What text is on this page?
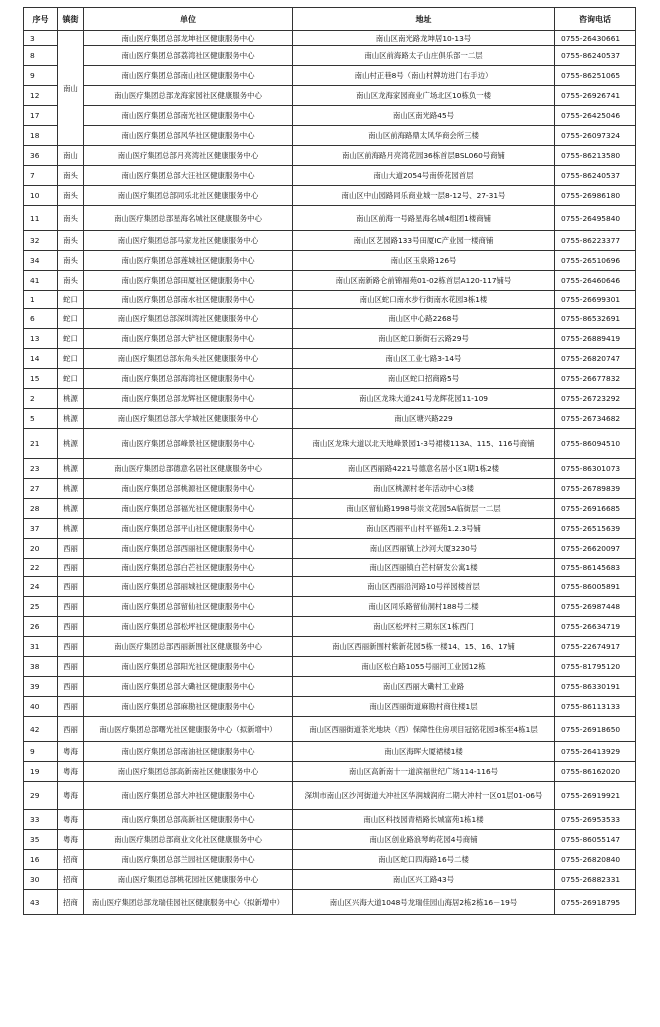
序号	镇街	单位	地址	咨询电话
3	南山	南山医疗集团总部龙坤社区健康服务中心	南山区南光路龙坤居10-13号	0755-26430661
8		南山医疗集团总部荔湾社区健康服务中心	南山区前海路太子山庄俱乐部一二层	0755-86240537
9		南山医疗集团总部南山社区健康服务中心	南山村正巷8号（南山村牌坊进门右手边）	0755-86251065
12		南山医疗集团总部龙海家园社区健康服务中心	南山区龙海家园商业广场北区10栋负一楼	0755-26926741
17		南山医疗集团总部南光社区健康服务中心	南山区南光路45号	0755-26425046
18		南山医疗集团总部风华社区健康服务中心	南山区前海路鼎太风华商会所三楼	0755-26097324
36	南山	南山医疗集团总部月亮湾社区健康服务中心	南山区前海路月亮湾花园36栋首层BSL060号商铺	0755-86213580
7	南头	南山医疗集团总部大汪社区健康服务中心	南山大道2054号南侨花园首层	0755-86240537
10	南头	南山医疗集团总部同乐北社区健康服务中心	南山区中山园路同乐商业城一层8-12号、27-31号	0755-26986180
11	南头	南山医疗集团总部星海名城社区健康服务中心	南山区前海一号路星海名城4组团1楼商铺	0755-26495840
32	南头	南山医疗集团总部马家龙社区健康服务中心	南山区艺园路133号田厦IC产业园一楼商铺	0755-86223377
34	南头	南山医疗集团总部莲城社区健康服务中心	南山区玉泉路126号	0755-26510696
41	南头	南山医疗集团总部田厦社区健康服务中心	南山区南新路仑前锦福苑01-02栋首层A120-117铺号	0755-26460646
1	蛇口	南山医疗集团总部南水社区健康服务中心	南山区蛇口南水步行街南水花园3栋1楼	0755-26699301
6	蛇口	南山医疗集团总部深圳湾社区健康服务中心	南山区中心路2268号	0755-86532691
13	蛇口	南山医疗集团总部大铲社区健康服务中心	南山区蛇口新街石云路29号	0755-26889419
14	蛇口	南山医疗集团总部东角头社区健康服务中心	南山区工业七路3-14号	0755-26820747
15	蛇口	南山医疗集团总部海湾社区健康服务中心	南山区蛇口招商路5号	0755-26677832
2	桃源	南山医疗集团总部龙辉社区健康服务中心	南山区龙珠大道241号龙辉花园11-109	0755-26723292
5	桃源	南山医疗集团总部大学城社区健康服务中心	南山区塘兴路229	0755-26734682
21	桃源	南山医疗集团总部峰景社区健康服务中心	南山区龙珠大道以北天地峰景园1-3号裙楼113A、115、116号商铺	0755-86094510
23	桃源	南山医疗集团总部德意名居社区健康服务中心	南山区西丽路4221号德意名居小区1期1栋2楼	0755-86301073
27	桃源	南山医疗集团总部桃源社区健康服务中心	南山区桃源村老年活动中心3楼	0755-26789839
28	桃源	南山医疗集团总部福光社区健康服务中心	南山区留仙路1998号崇文花园5A临街层一二层	0755-26916685
37	桃源	南山医疗集团总部平山社区健康服务中心	南山区西丽平山村平福苑1.2.3号铺	0755-26515639
20	西丽	南山医疗集团总部西丽社区健康服务中心	南山区西丽镇上沙河大厦3230号	0755-26620097
22	西丽	南山医疗集团总部白芒社区健康服务中心	南山区西丽镇白芒村研发公寓1楼	0755-86145683
24	西丽	南山医疗集团总部丽城社区健康服务中心	南山区西丽沿河路10号祥园楼首层	0755-86005891
25	西丽	南山医疗集团总部留仙社区健康服务中心	南山区同乐路留仙洞村188号二楼	0755-26987448
26	西丽	南山医疗集团总部松坪社区健康服务中心	南山区松坪村三期东区1栋西门	0755-26634719
31	西丽	南山医疗集团总部西丽新围社区健康服务中心	南山区西丽新围村紫新花园5栋一楼14、15、16、17铺	0755-22674917
38	西丽	南山医疗集团总部阳光社区健康服务中心	南山区松白路1055号丽河工业园12栋	0755-81795120
39	西丽	南山医疗集团总部大磡社区健康服务中心	南山区西丽大磡村工业路	0755-86330191
40	西丽	南山医疗集团总部麻勘社区健康服务中心	南山区西丽街道麻勘村商住楼1层	0755-86113133
42	西丽	南山医疗集团总部曙光社区健康服务中心（拟新增中）	南山区西丽街道茶光地块（西）保障性住房项目冠铭花园3栋至4栋1层	0755-26918650
9	粤海	南山医疗集团总部南油社区健康服务中心	南山区海晖大厦裙楼1楼	0755-26413929
19	粤海	南山医疗集团总部高新南社区健康服务中心	南山区高新南十一道滨福世纪广场114-116号	0755-86162020
29	粤海	南山医疗集团总部大冲社区健康服务中心	深圳市南山区沙河街道大冲社区华润城润府二期大冲村一区01层01-06号	0755-26919921
33	粤海	南山医疗集团总部高新社区健康服务中心	南山区科技园青梧路长城富苑1栋1楼	0755-26953533
35	粤海	南山医疗集团总部商业文化社区健康服务中心	南山区创业路浪琴屿花园4号商铺	0755-86055147
16	招商	南山医疗集团总部兰园社区健康服务中心	南山区蛇口四海路16号二楼	0755-26820840
30	招商	南山医疗集团总部桃花园社区健康服务中心	南山区兴工路43号	0755-26882331
43	招商	南山医疗集团总部龙瑞佳园社区健康服务中心（拟新增中）	南山区兴海大道1048号龙瑞佳园山海居2栋2栋16－19号	0755-26918795
